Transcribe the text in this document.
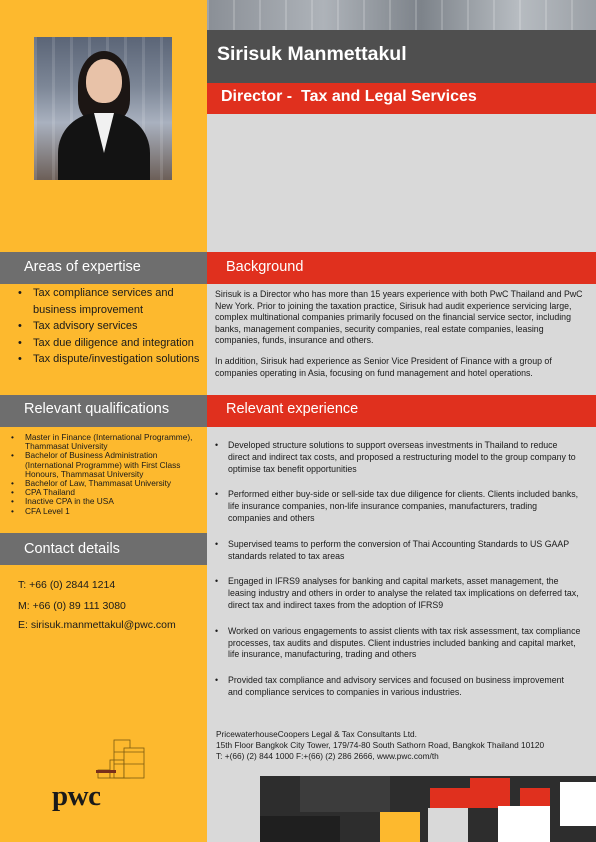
Sirisuk Manmettakul
Director -  Tax and Legal Services
Areas of expertise	Background
• Tax compliance services and business improvement
• Tax advisory services
• Tax due diligence and integration
• Tax dispute/investigation solutions

Sirisuk is a Director who has more than 15 years experience with both PwC Thailand and PwC New York. Prior to joining the taxation practice, Sirisuk had audit experience servicing large, complex multinational companies primarily focused on the financial service sector, including banks, management companies, security companies, real estate companies, leasing companies, funds, insurance and others.

In addition, Sirisuk had experience as Senior Vice President of Finance with a group of companies operating in Asia, focusing on fund management and hotel operations.

Relevant qualifications	Relevant experience
• Master in Finance (International Programme), Thammasat University
• Bachelor of Business Administration (International Programme) with First Class Honours, Thammasat University
• Bachelor of Law, Thammasat University
• CPA Thailand
• Inactive CPA in the USA
• CFA Level 1
• Developed structure solutions to support overseas investments in Thailand to reduce direct and indirect tax costs, and proposed a restructuring model to the group company to optimise tax benefit opportunities
• Performed either buy-side or sell-side tax due diligence for clients. Clients included banks, life insurance companies, non-life insurance companies, manufacturers, trading companies and others
• Supervised teams to perform the conversion of Thai Accounting Standards to US GAAP standards related to tax areas
• Engaged in IFRS9 analyses for banking and capital markets, asset management, the leasing industry and others in order to analyse the related tax implications on deferred tax, direct tax and indirect taxes from the adoption of IFRS9
• Worked on various engagements to assist clients with tax risk assessment, tax compliance processes, tax audits and disputes. Client industries included banking and capital market, life insurance, manufacturing, trading and others
• Provided tax compliance and advisory services and focused on business improvement and compliance services to companies in various industries.
Contact details
T: +66 (0) 2844 1214
M: +66 (0) 89 111 3080
E: sirisuk.manmettakul@pwc.com
PricewaterhouseCoopers Legal & Tax Consultants Ltd.
15th Floor Bangkok City Tower, 179/74-80 South Sathorn Road, Bangkok Thailand 10120
T: +(66) (2) 844 1000 F:+(66) (2) 286 2666, www.pwc.com/th
pwc
